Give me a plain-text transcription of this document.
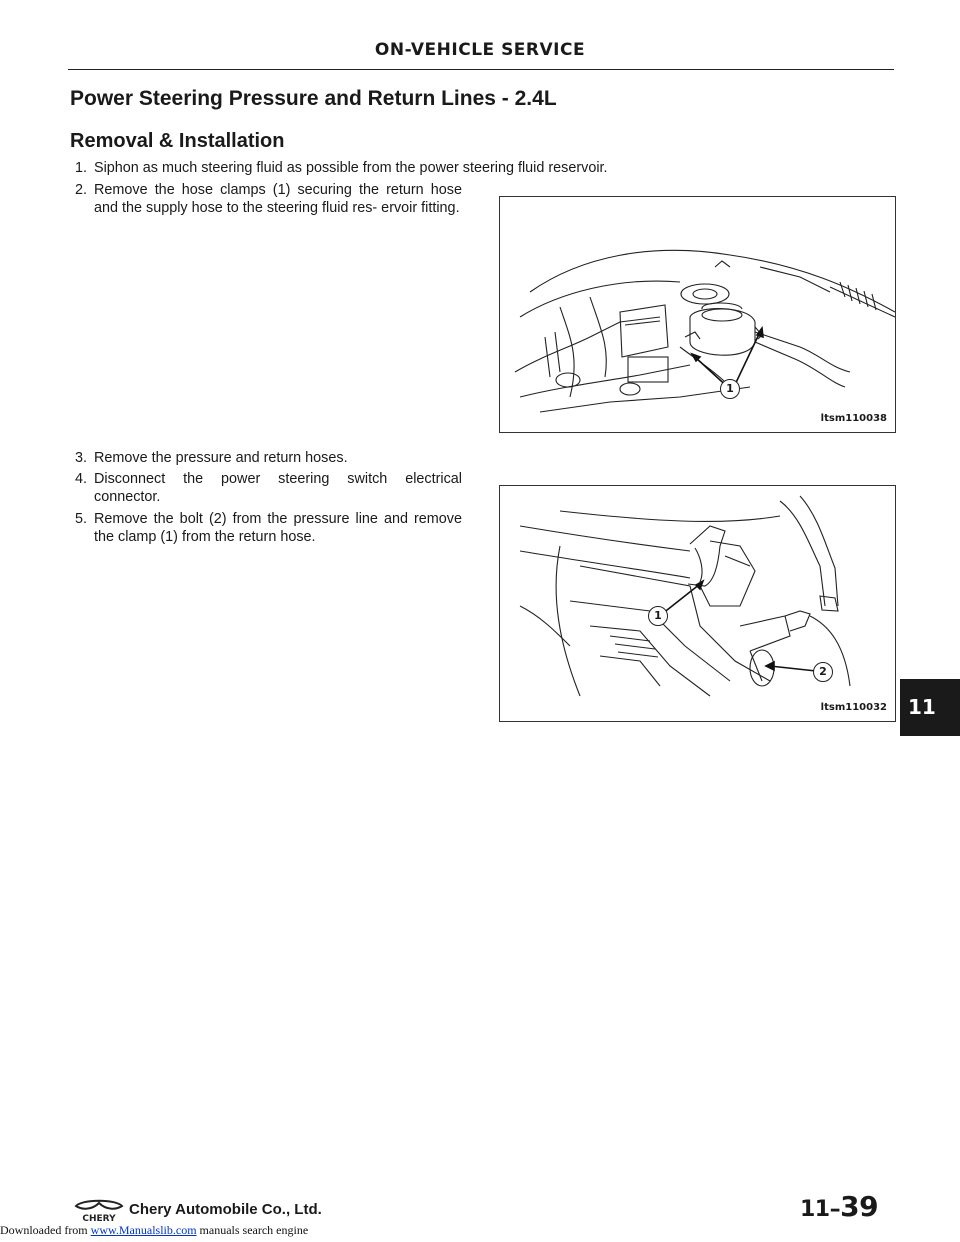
ON-VEHICLE SERVICE
Power Steering Pressure and Return Lines - 2.4L
Removal & Installation
1. Siphon as much steering fluid as possible from the power steering fluid reservoir.
2. Remove the hose clamps (1) securing the return hose and the supply hose to the steering fluid res- ervoir fitting.
1
ltsm110038
3. Remove the pressure and return hoses.
4. Disconnect the power steering switch electrical connector.
5. Remove the bolt (2) from the pressure line and remove the clamp (1) from the return hose.
1
2
ltsm110032	11
CHERY
Chery Automobile Co., Ltd.	11–39
Downloaded from www.Manualslib.com manuals search engine
